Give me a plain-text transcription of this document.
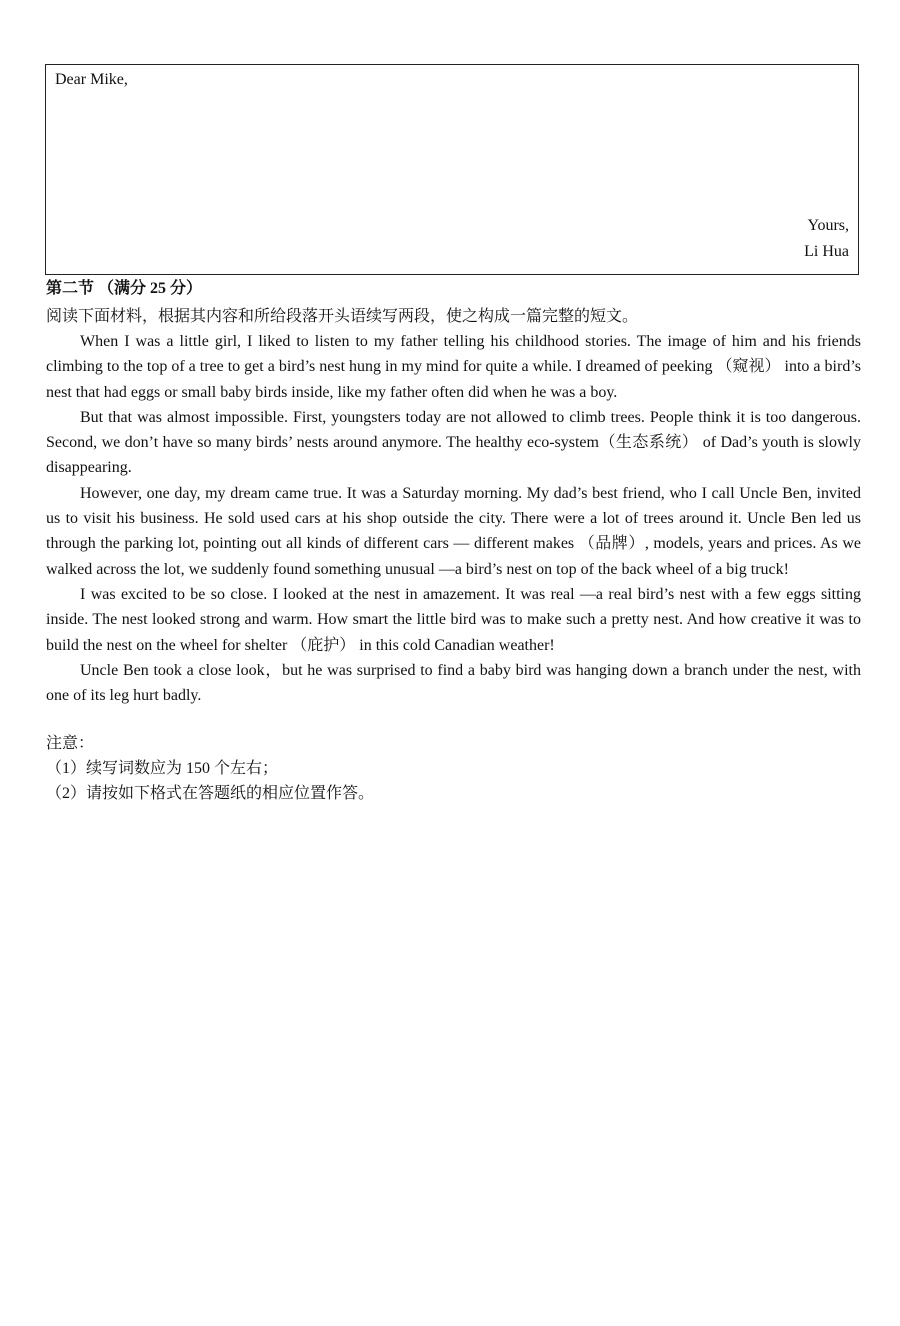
Dear Mike,
Yours,
Li Hua

第二节 （满分 25 分）

阅读下面材料，根据其内容和所给段落开头语续写两段，使之构成一篇完整的短文。

When I was a little girl, I liked to listen to my father telling his childhood stories. The image of him and his friends climbing to the top of a tree to get a bird’s nest hung in my mind for quite a while. I dreamed of peeking （窥视） into a bird’s nest that had eggs or small baby birds inside, like my father often did when he was a boy.

But that was almost impossible. First, youngsters today are not allowed to climb trees. People think it is too dangerous. Second, we don’t have so many birds’ nests around anymore. The healthy eco-system（生态系统） of Dad’s youth is slowly disappearing.

However, one day, my dream came true. It was a Saturday morning. My dad’s best friend, who I call Uncle Ben, invited us to visit his business. He sold used cars at his shop outside the city. There were a lot of trees around it. Uncle Ben led us through the parking lot, pointing out all kinds of different cars — different makes （品牌）, models, years and prices. As we walked across the lot, we suddenly found something unusual —a bird’s nest on top of the back wheel of a big truck!

I was excited to be so close. I looked at the nest in amazement. It was real —a real bird’s nest with a few eggs sitting inside. The nest looked strong and warm. How smart the little bird was to make such a pretty nest. And how creative it was to build the nest on the wheel for shelter （庇护） in this cold Canadian weather!

Uncle Ben took a close look，but he was surprised to find a baby bird was hanging down a branch under the nest, with one of its leg hurt badly.

注意：

（1）续写词数应为 150 个左右；

（2）请按如下格式在答题纸的相应位置作答。
